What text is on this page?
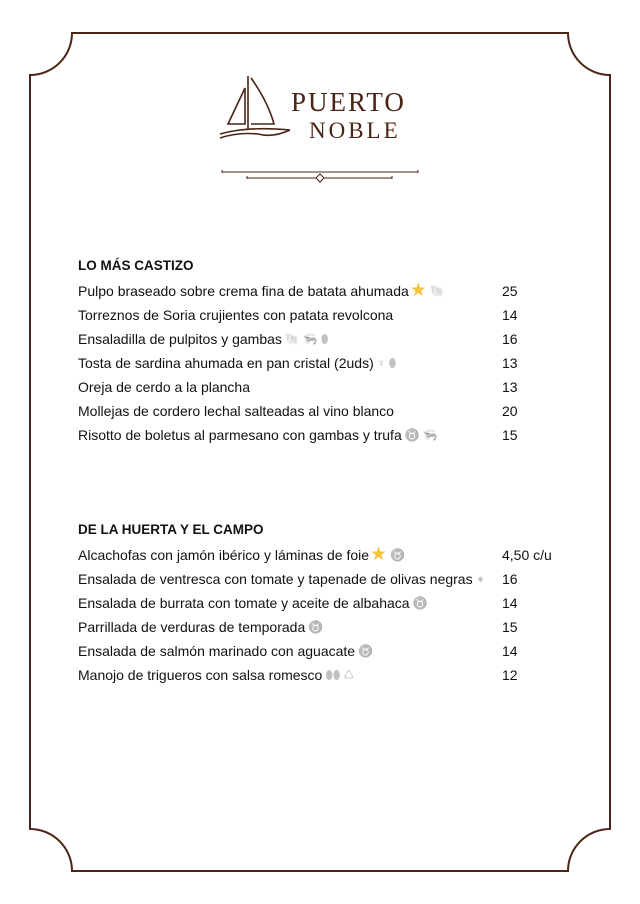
PUERTO
NOBLE
LO MÁS CASTIZO
Pulpo braseado sobre crema fina de batata ahumada ★ 🐚	25
Torreznos de Soria crujientes con patata revolcona	14
Ensaladilla de pulpitos y gambas 🐚 🦐 ⬮	16
Tosta de sardina ahumada en pan cristal (2uds) ♆ ⬮	13
Oreja de cerdo a la plancha	13
Mollejas de cordero lechal salteadas al vino blanco	20
Risotto de boletus al parmesano con gambas y trufa ♉ 🦐	15
DE LA HUERTA Y EL CAMPO
Alcachofas con jamón ibérico y láminas de foie ★ ♉	4,50 c/u
Ensalada de ventresca con tomate y tapenade de olivas negras ➧ 16
Ensalada de burrata con tomate y aceite de albahaca ♉	14
Parrillada de verduras de temporada ♉	15
Ensalada de salmón marinado con aguacate ♉	14
Manojo de trigueros con salsa romesco ⬮⬮ ♺	12
